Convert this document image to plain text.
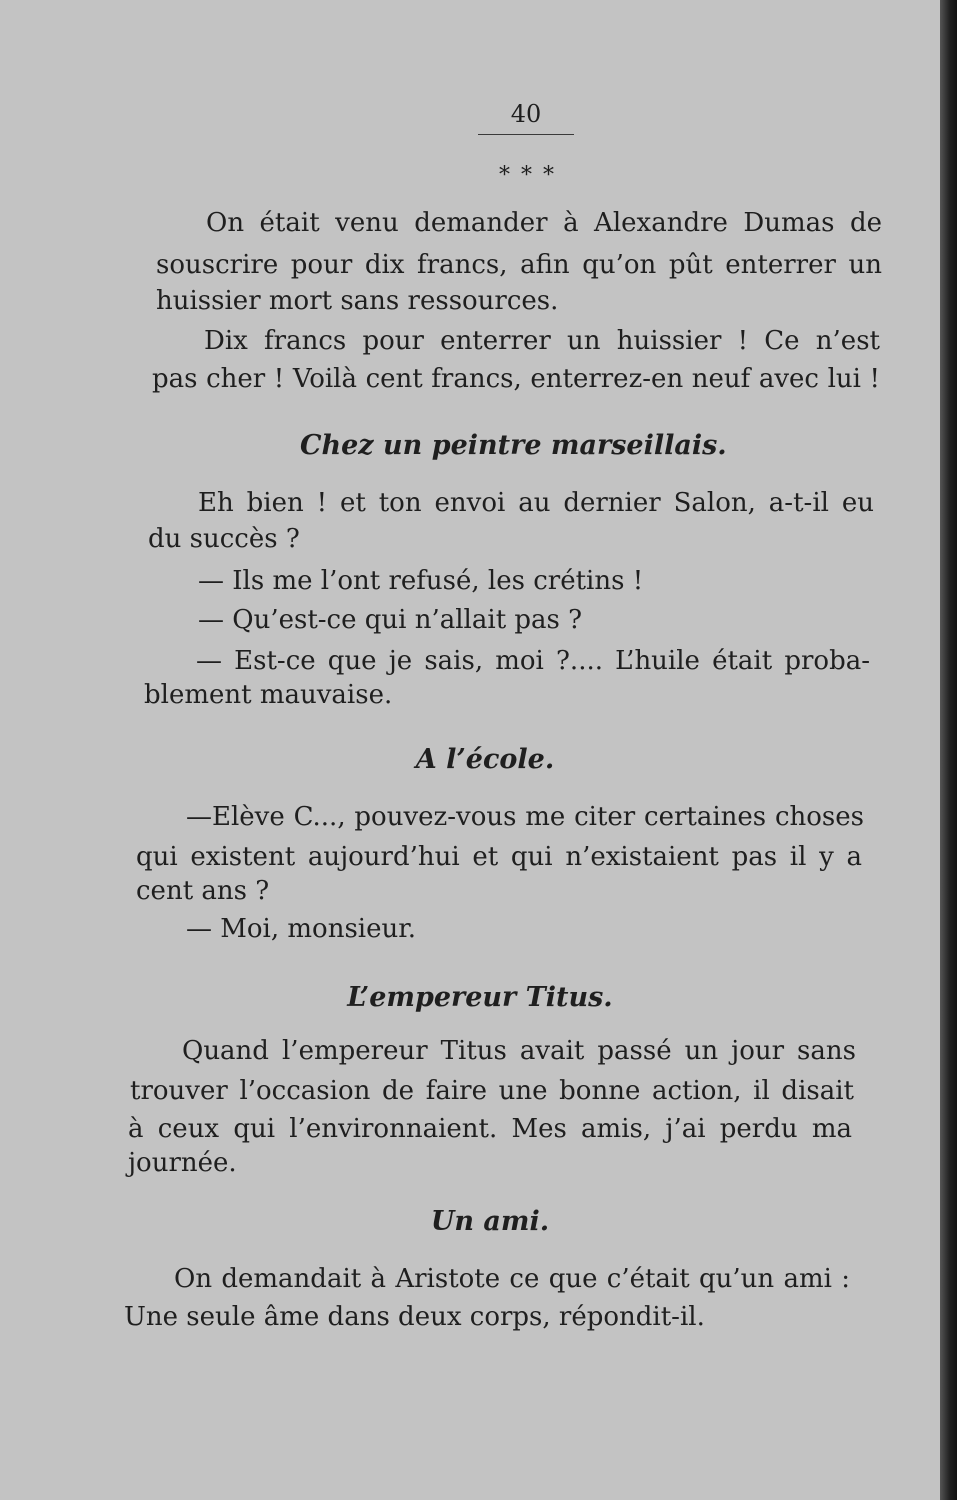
40
* * *

On était venu demander à Alexandre Dumas de

souscrire pour dix francs, afin qu’on pût enterrer un

huissier mort sans ressources.

Dix francs pour enterrer un huissier ! Ce n’est

pas cher ! Voilà cent francs, enterrez-en neuf avec lui !

Chez un peintre marseillais.

Eh bien ! et ton envoi au dernier Salon, a-t-il eu

du succès ?

— Ils me l’ont refusé, les crétins !

— Qu’est-ce qui n’allait pas ?

— Est-ce que je sais, moi ?.... L’huile était proba-

blement mauvaise.

A l’école.

—Elève C..., pouvez-vous me citer certaines choses

qui existent aujourd’hui et qui n’existaient pas il y a

cent ans ?

— Moi, monsieur.

L’empereur Titus.

Quand l’empereur Titus avait passé un jour sans

trouver l’occasion de faire une bonne action, il disait

à ceux qui l’environnaient. Mes amis, j’ai perdu ma

journée.

Un ami.

On demandait à Aristote ce que c’était qu’un ami :

Une seule âme dans deux corps, répondit-il.
